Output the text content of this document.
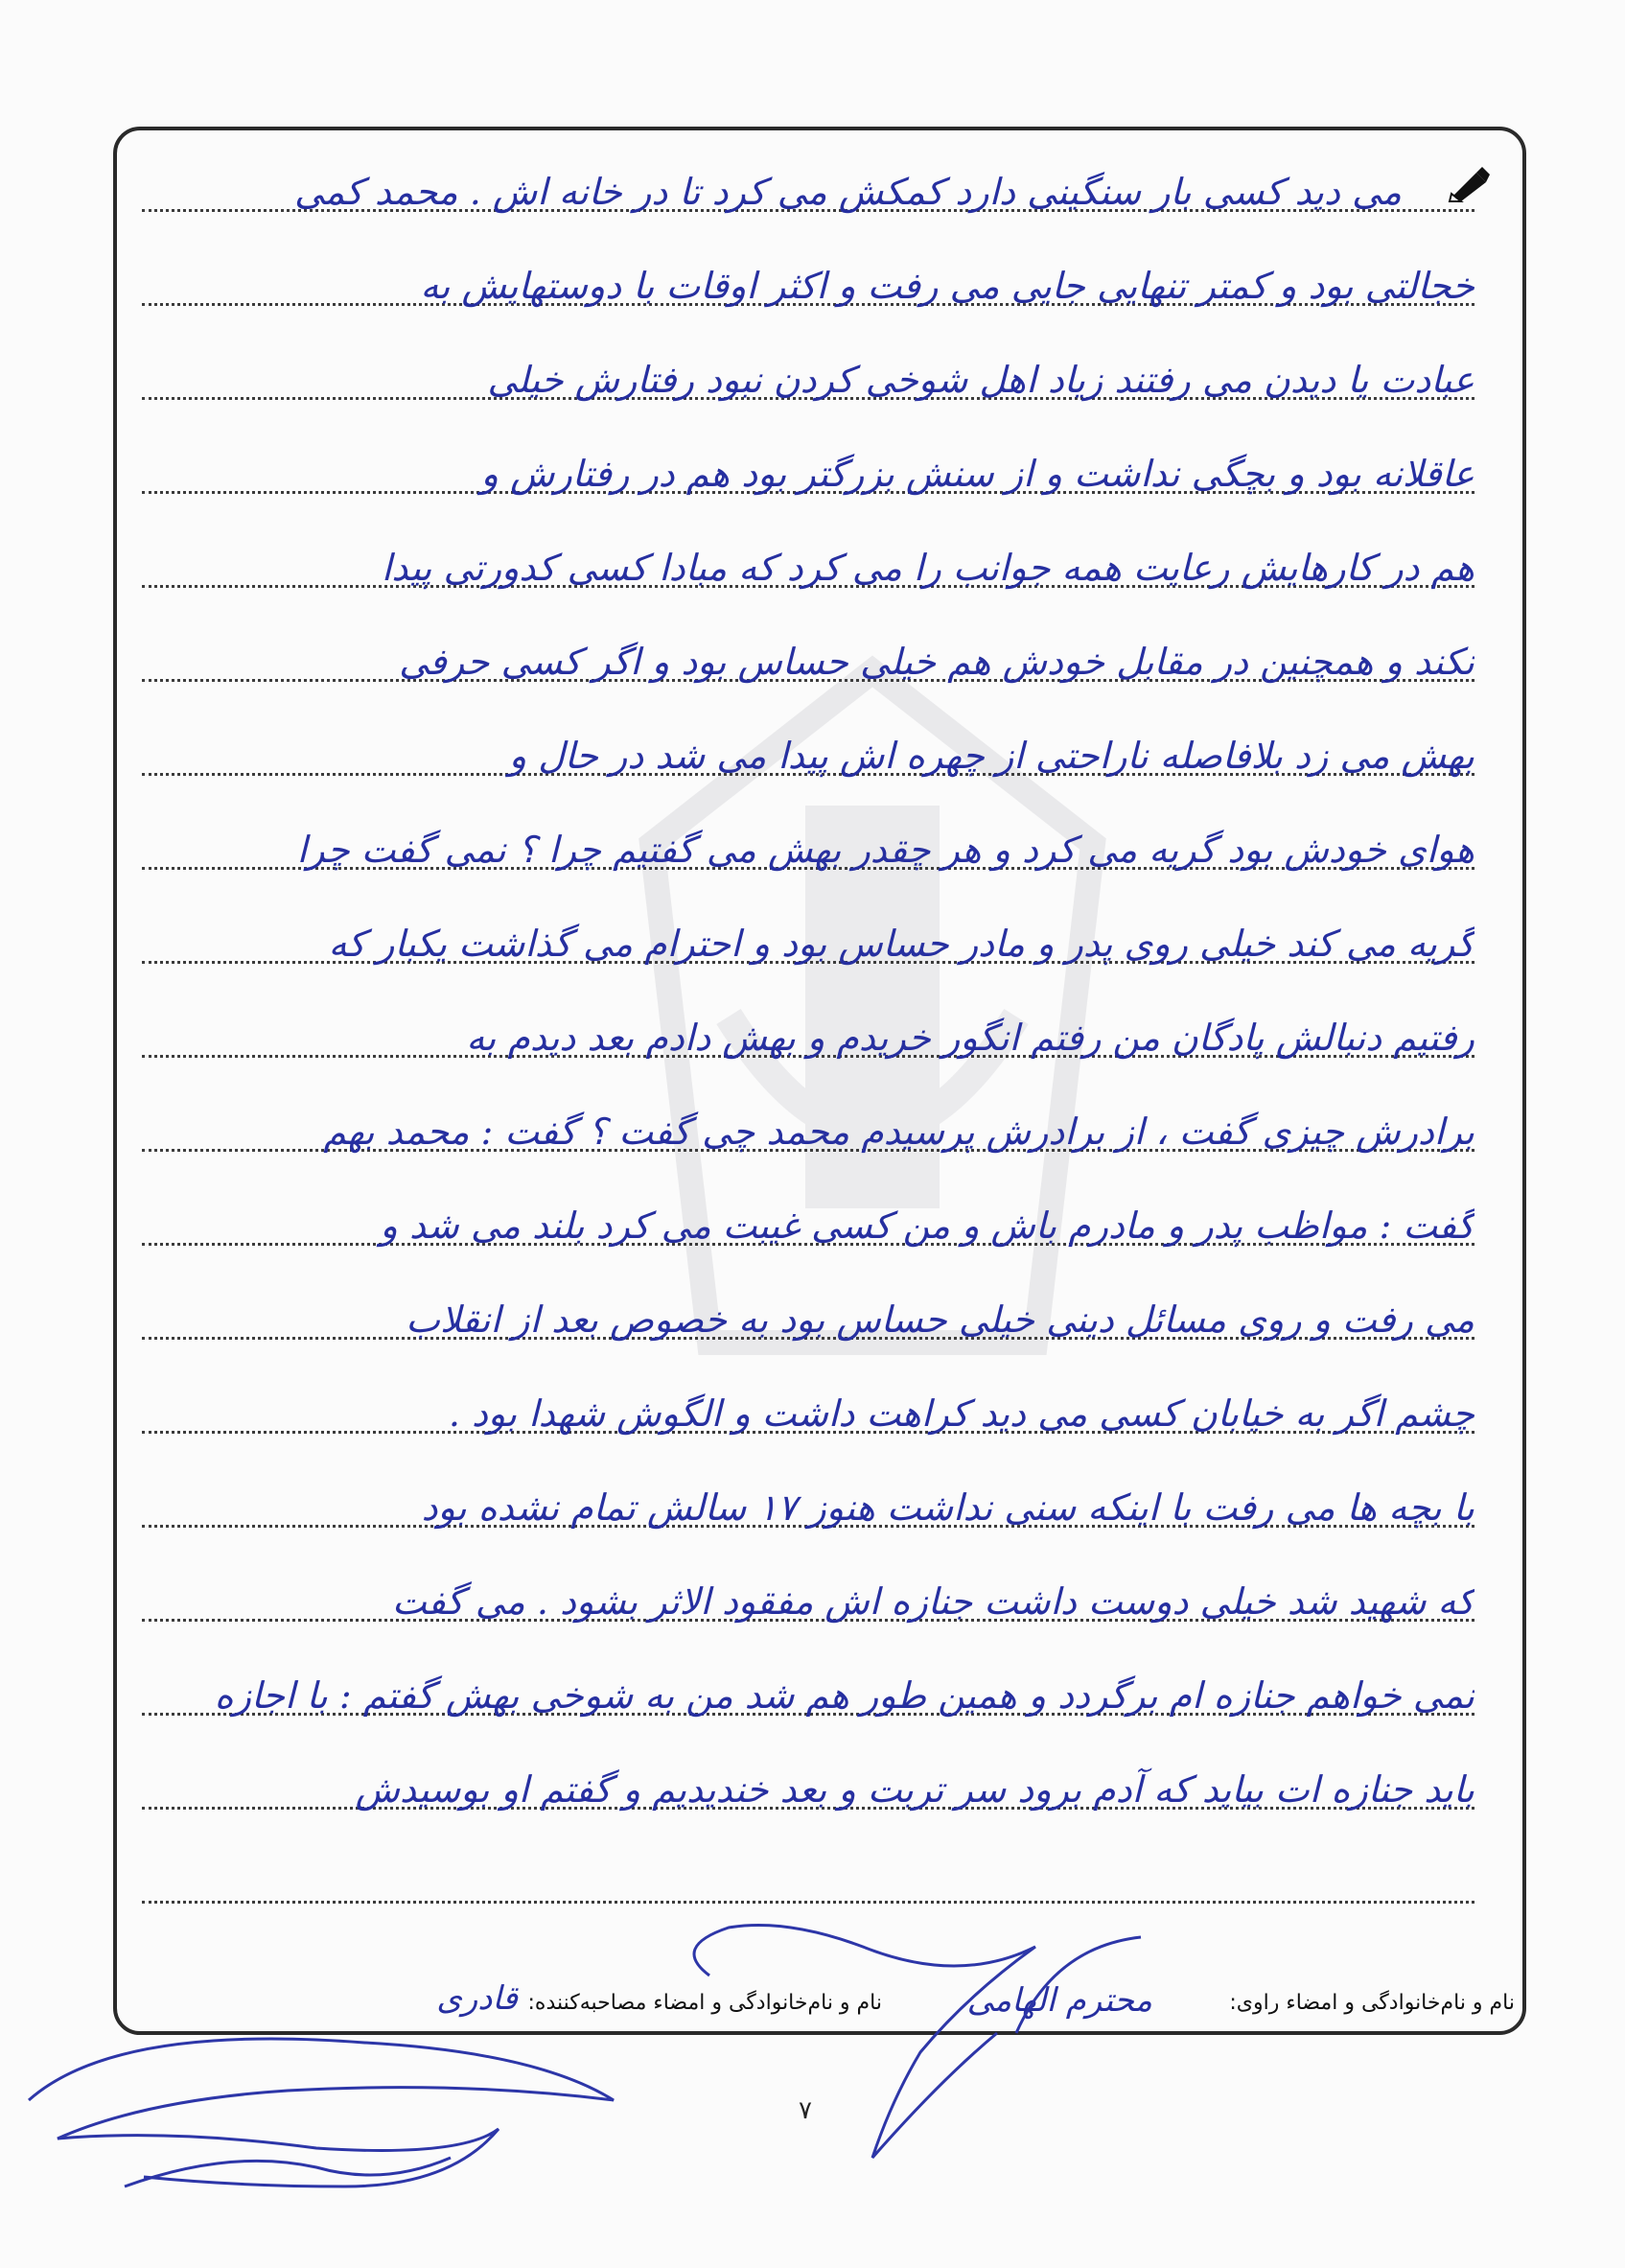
می دید کسی بار سنگینی دارد کمکش می کرد تا در خانه اش . محمد کمی
خجالتی بود و کمتر تنهایی جایی می رفت و اکثر اوقات با دوستهایش به
عبادت یا دیدن می رفتند زیاد اهل شوخی کردن نبود رفتارش خیلی
عاقلانه بود و بچگی نداشت و از سنش بزرگتر بود هم در رفتارش و
هم در کارهایش رعایت همه جوانب را می کرد که مبادا کسی کدورتی پیدا
نکند و همچنین در مقابل خودش هم خیلی حساس بود و اگر کسی حرفی
بهش می زد بلافاصله ناراحتی از چهره اش پیدا می شد در حال و
هوای خودش بود گریه می کرد و هر چقدر بهش می گفتیم چرا ؟ نمی گفت چرا
گریه می کند خیلی روی پدر و مادر حساس بود و احترام می گذاشت یکبار که
رفتیم دنبالش پادگان من رفتم انگور خریدم و بهش دادم بعد دیدم به
برادرش چیزی گفت ، از برادرش پرسیدم محمد چی گفت ؟ گفت : محمد بهم
گفت : مواظب پدر و مادرم باش و من کسی غیبت می کرد بلند می شد و
می رفت و روی مسائل دینی خیلی حساس بود به خصوص بعد از انقلاب
چشم اگر به خیابان کسی می دید کراهت داشت و الگوش شهدا بود .
با بچه ها می رفت با اینکه سنی نداشت هنوز ۱۷ سالش تمام نشده بود
که شهید شد خیلی دوست داشت جنازه اش مفقود الاثر بشود . می گفت
نمی خواهم جنازه ام برگردد و همین طور هم شد من به شوخی بهش گفتم : با اجازه
باید جنازه ات بیاید که آدم برود سر تربت و بعد خندیدیم و گفتم او بوسیدش
نام و نام‌خانوادگی و امضاء راوی:
محترم الهامی
نام و نام‌خانوادگی و امضاء مصاحبه‌کننده:
قادری
۷
